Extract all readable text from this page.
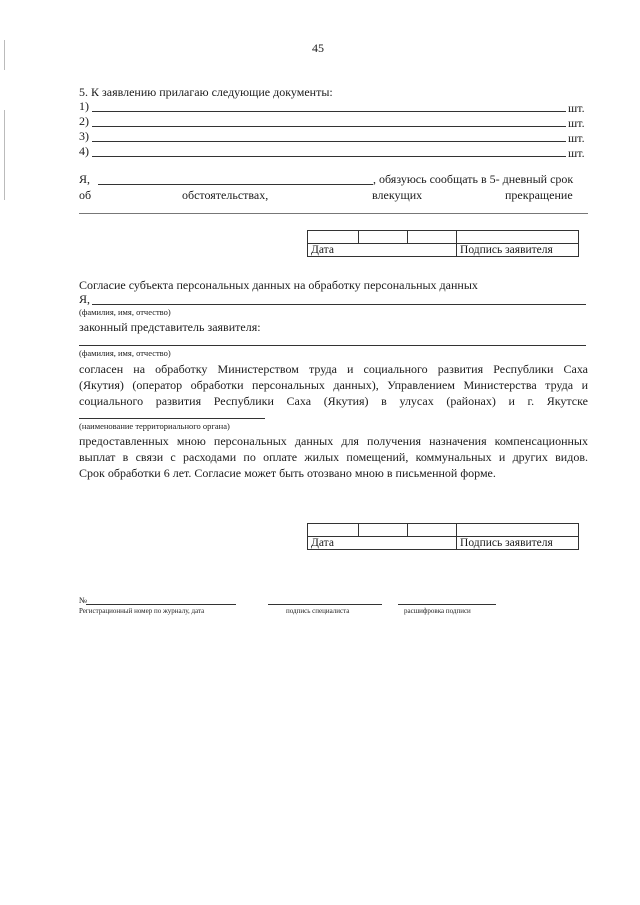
45
5. К заявлению прилагаю следующие документы:
1)	шт.
2)	шт.
3)	шт.
4)	шт.
Я,	, обязуюсь сообщать в 5- дневный срок
об	обстоятельствах,	влекущих	прекращение

Дата			Подпись заявителя
Согласие субъекта персональных данных на обработку персональных данных
Я,
(фамилия, имя, отчество)
законный представитель заявителя:
(фамилия, имя, отчество)
согласен на обработку Министерством труда и социального развития Республики Саха
(Якутия) (оператор обработки персональных данных), Управлением Министерства труда и
социального развития Республики Саха (Якутия) в улусах (районах) и г. Якутске
(наименование территориального органа)
предоставленных мною персональных данных для получения назначения компенсационных
выплат в связи с расходами по оплате жилых помещений, коммунальных и других видов.
Срок обработки 6 лет. Согласие может быть отозвано мною в письменной форме.

Дата			Подпись заявителя
№
Регистрационный номер по журналу, дата	подпись специалиста	расшифровка подписи
